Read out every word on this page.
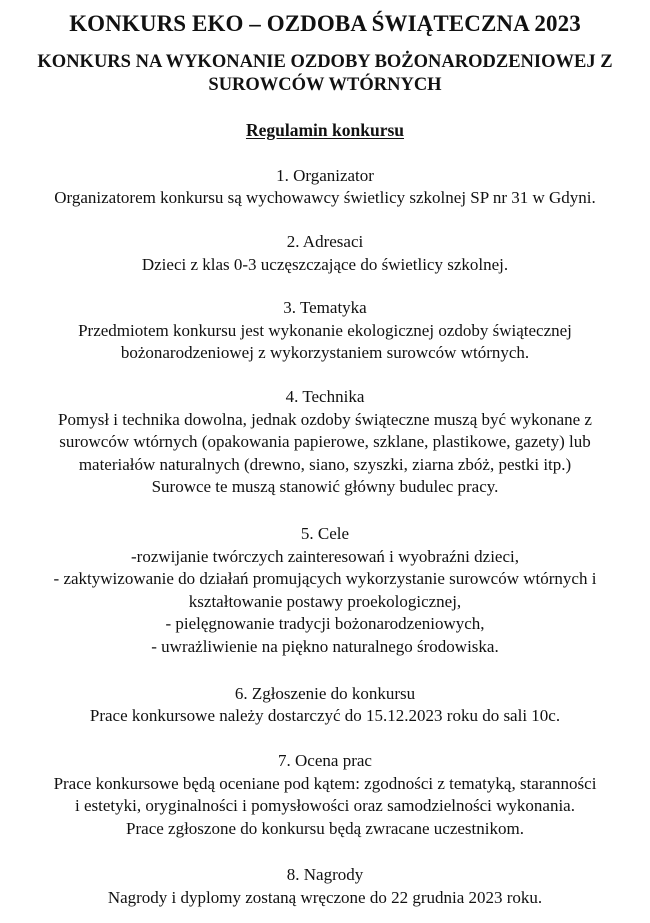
KONKURS EKO – OZDOBA ŚWIĄTECZNA 2023
KONKURS NA WYKONANIE OZDOBY BOŻONARODZENIOWEJ Z
SUROWCÓW WTÓRNYCH
Regulamin konkursu

1. Organizator

Organizatorem konkursu są wychowawcy świetlicy szkolnej SP nr 31 w Gdyni.

2. Adresaci

Dzieci z klas 0-3 uczęszczające do świetlicy szkolnej.

3. Tematyka

Przedmiotem konkursu jest wykonanie ekologicznej ozdoby świątecznej
bożonarodzeniowej z wykorzystaniem surowców wtórnych.

4. Technika

Pomysł i technika dowolna, jednak ozdoby świąteczne muszą być wykonane z
surowców wtórnych (opakowania papierowe, szklane, plastikowe, gazety) lub
materiałów naturalnych (drewno, siano, szyszki, ziarna zbóż, pestki itp.)
Surowce te muszą stanowić główny budulec pracy.

5. Cele

-rozwijanie twórczych zainteresowań i wyobraźni dzieci,
- zaktywizowanie do działań promujących wykorzystanie surowców wtórnych i
kształtowanie postawy proekologicznej,
- pielęgnowanie tradycji bożonarodzeniowych,
- uwrażliwienie na piękno naturalnego środowiska.

6. Zgłoszenie do konkursu

Prace konkursowe należy dostarczyć do 15.12.2023 roku do sali 10c.

7. Ocena prac

Prace konkursowe będą oceniane pod kątem: zgodności z tematyką, staranności
i estetyki, oryginalności i pomysłowości oraz samodzielności wykonania.
Prace zgłoszone do konkursu będą zwracane uczestnikom.

8. Nagrody

Nagrody i dyplomy zostaną wręczone do 22 grudnia 2023 roku.
